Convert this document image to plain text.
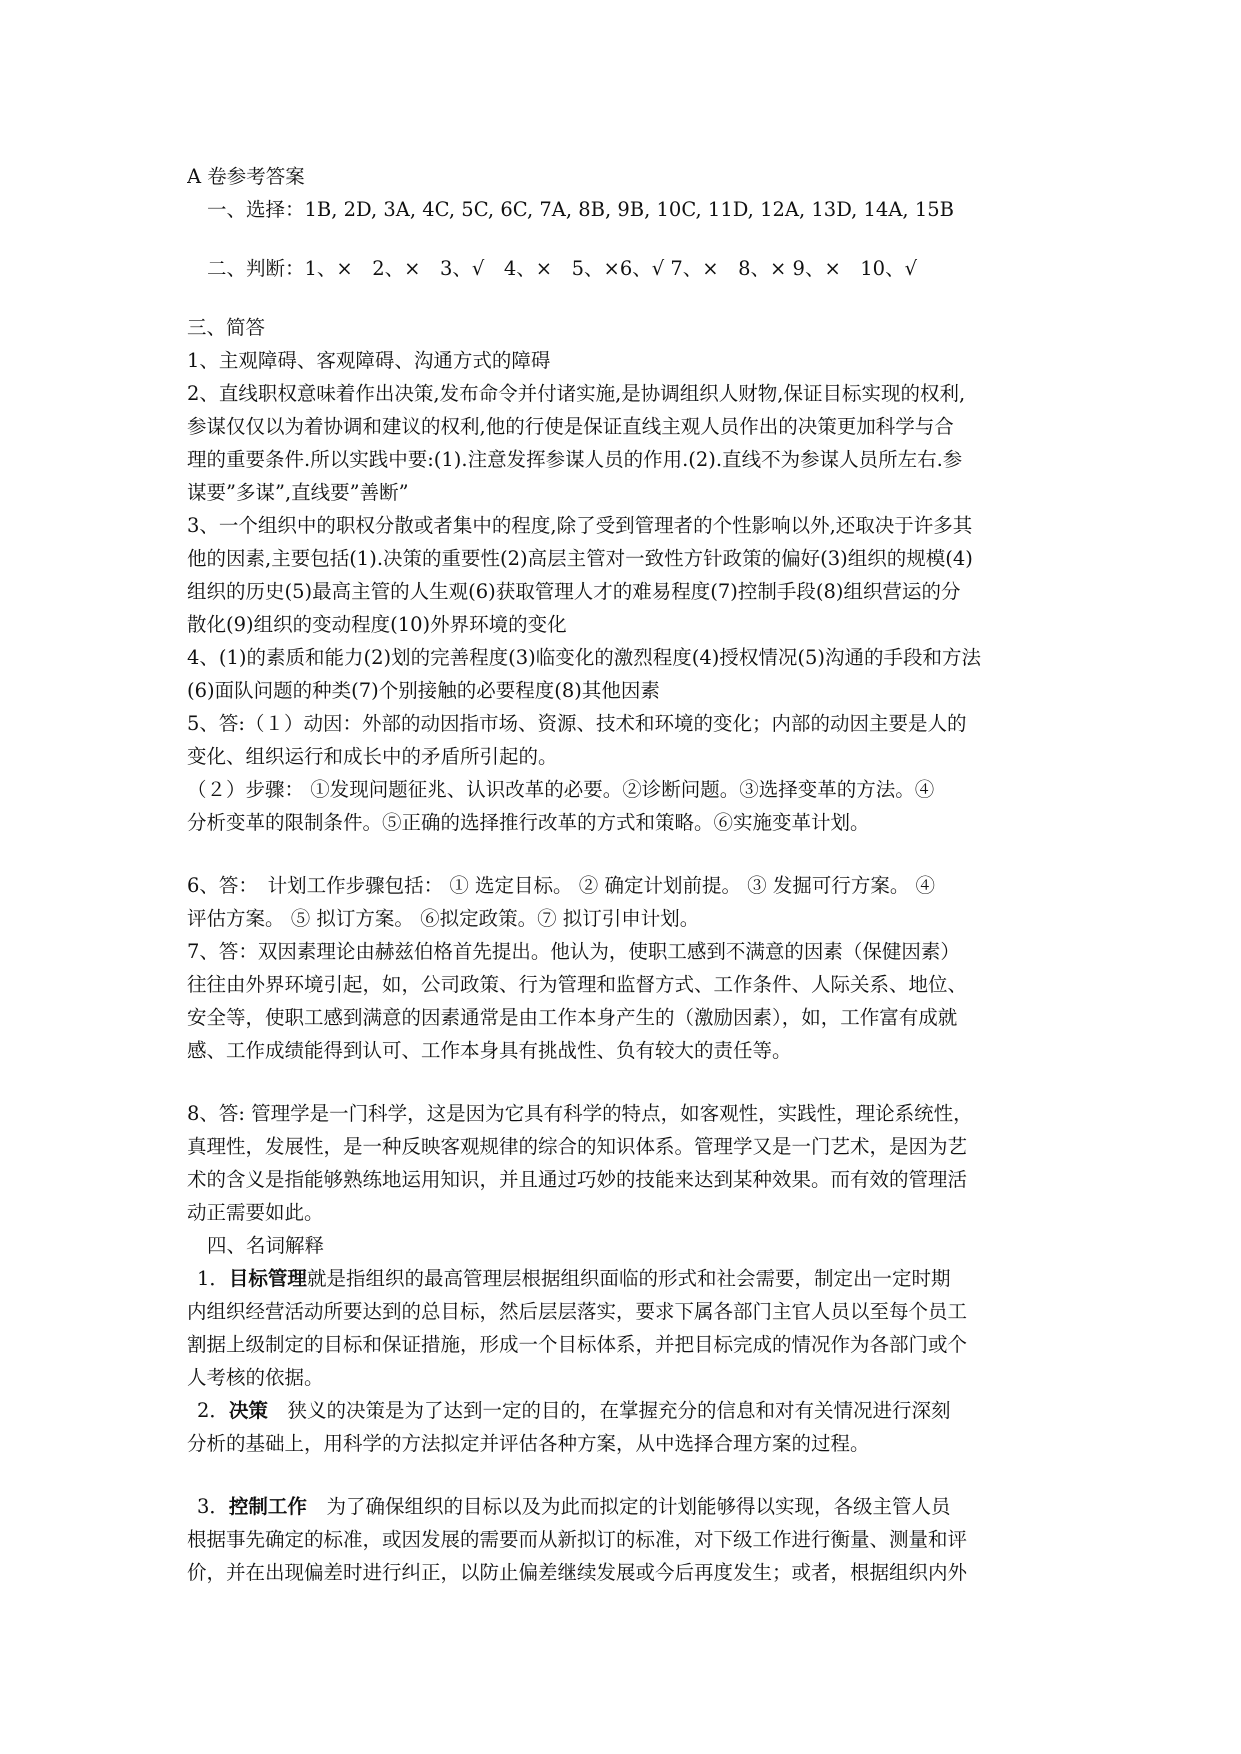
A 卷参考答案
一、选择：1B, 2D, 3A, 4C, 5C, 6C, 7A, 8B, 9B, 10C, 11D, 12A, 13D, 14A, 15B
二、判断：1、×　2、×　3、√　4、×　5、×6、√ 7、×　8、× 9、×　10、√
三、简答
1、主观障碍、客观障碍、沟通方式的障碍
2、直线职权意味着作出决策,发布命令并付诸实施,是协调组织人财物,保证目标实现的权利,
参谋仅仅以为着协调和建议的权利,他的行使是保证直线主观人员作出的决策更加科学与合
理的重要条件.所以实践中要:(1).注意发挥参谋人员的作用.(2).直线不为参谋人员所左右.参
谋要”多谋”,直线要”善断”
3、一个组织中的职权分散或者集中的程度,除了受到管理者的个性影响以外,还取决于许多其
他的因素,主要包括(1).决策的重要性(2)高层主管对一致性方针政策的偏好(3)组织的规模(4)
组织的历史(5)最高主管的人生观(6)获取管理人才的难易程度(7)控制手段(8)组织营运的分
散化(9)组织的变动程度(10)外界环境的变化
4、(1)的素质和能力(2)划的完善程度(3)临变化的激烈程度(4)授权情况(5)沟通的手段和方法
(6)面队问题的种类(7)个别接触的必要程度(8)其他因素
5、答:（１）动因：外部的动因指市场、资源、技术和环境的变化；内部的动因主要是人的
变化、组织运行和成长中的矛盾所引起的。
（２）步骤： ①发现问题征兆、认识改革的必要。②诊断问题。③选择变革的方法。④
分析变革的限制条件。⑤正确的选择推行改革的方式和策略。⑥实施变革计划。
6、答：　计划工作步骤包括： ① 选定目标。 ② 确定计划前提。 ③ 发掘可行方案。 ④
评估方案。 ⑤ 拟订方案。 ⑥拟定政策。⑦ 拟订引申计划。
7、答：双因素理论由赫兹伯格首先提出。他认为，使职工感到不满意的因素（保健因素）
往往由外界环境引起，如，公司政策、行为管理和监督方式、工作条件、人际关系、地位、
安全等，使职工感到满意的因素通常是由工作本身产生的（激励因素），如，工作富有成就
感、工作成绩能得到认可、工作本身具有挑战性、负有较大的责任等。
8、答: 管理学是一门科学，这是因为它具有科学的特点，如客观性，实践性，理论系统性，
真理性，发展性，是一种反映客观规律的综合的知识体系。管理学又是一门艺术，是因为艺
术的含义是指能够熟练地运用知识，并且通过巧妙的技能来达到某种效果。而有效的管理活
动正需要如此。
四、名词解释
1．目标管理就是指组织的最高管理层根据组织面临的形式和社会需要，制定出一定时期
内组织经营活动所要达到的总目标，然后层层落实，要求下属各部门主官人员以至每个员工
割据上级制定的目标和保证措施，形成一个目标体系，并把目标完成的情况作为各部门或个
人考核的依据。
2．决策　狭义的决策是为了达到一定的目的，在掌握充分的信息和对有关情况进行深刻
分析的基础上，用科学的方法拟定并评估各种方案，从中选择合理方案的过程。
3．控制工作　为了确保组织的目标以及为此而拟定的计划能够得以实现，各级主管人员
根据事先确定的标准，或因发展的需要而从新拟订的标准，对下级工作进行衡量、测量和评
价，并在出现偏差时进行纠正，以防止偏差继续发展或今后再度发生；或者，根据组织内外
